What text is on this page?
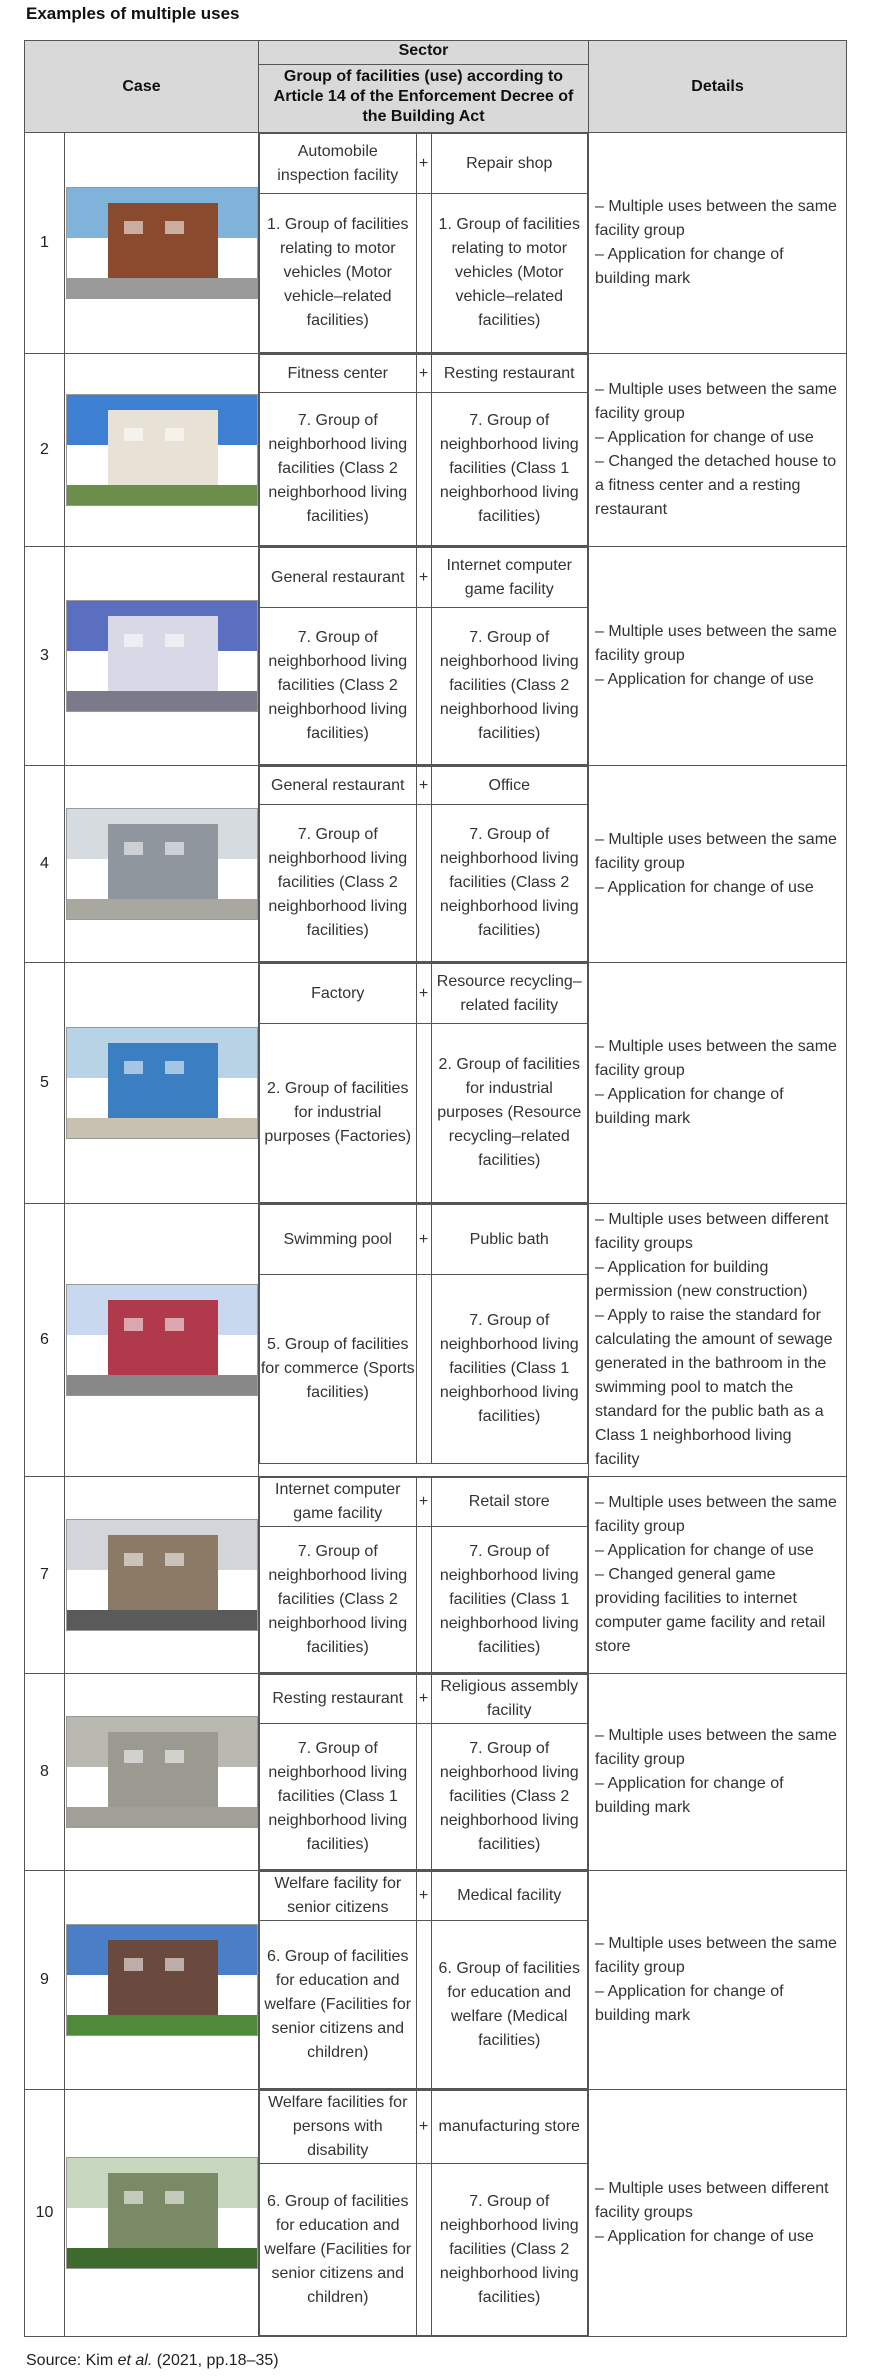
Examples of multiple uses
Case	
Sector
Group of facilities (use) according to Article 14 of the Enforcement Decree of the Building Act
	Details
1	

Automobile inspection facility	+	Repair shop
1. Group of facilities relating to motor vehicles (Motor vehicle–related facilities)		1. Group of facilities relating to motor vehicles (Motor vehicle–related facilities)

– Multiple uses between the same facility group
– Application for change of building mark

2	

Fitness center	+	Resting restaurant
7. Group of neighborhood living facilities (Class 2 neighborhood living facilities)		7. Group of neighborhood living facilities (Class 1 neighborhood living facilities)

– Multiple uses between the same facility group
– Application for change of use
– Changed the detached house to a fitness center and a resting restaurant

3	

General restaurant	+	Internet computer game facility
7. Group of neighborhood living facilities (Class 2 neighborhood living facilities)		7. Group of neighborhood living facilities (Class 2 neighborhood living facilities)

– Multiple uses between the same facility group
– Application for change of use

4	

General restaurant	+	Office
7. Group of neighborhood living facilities (Class 2 neighborhood living facilities)		7. Group of neighborhood living facilities (Class 2 neighborhood living facilities)

– Multiple uses between the same facility group
– Application for change of use

5	

Factory	+	Resource recycling–related facility
2. Group of facilities for industrial purposes (Factories)		2. Group of facilities for industrial purposes (Resource recycling–related facilities)

– Multiple uses between the same facility group
– Application for change of building mark

6	

Swimming pool	+	Public bath
5. Group of facilities for commerce (Sports facilities)		7. Group of neighborhood living facilities (Class 1 neighborhood living facilities)

– Multiple uses between different facility groups
– Application for building permission (new construction)
– Apply to raise the standard for calculating the amount of sewage generated in the bathroom in the swimming pool to match the standard for the public bath as a Class 1 neighborhood living facility

7	

Internet computer game facility	+	Retail store
7. Group of neighborhood living facilities (Class 2 neighborhood living facilities)		7. Group of neighborhood living facilities (Class 1 neighborhood living facilities)

– Multiple uses between the same facility group
– Application for change of use
– Changed general game providing facilities to internet computer game facility and retail store

8	

Resting restaurant	+	Religious assembly facility
7. Group of neighborhood living facilities (Class 1 neighborhood living facilities)		7. Group of neighborhood living facilities (Class 2 neighborhood living facilities)

– Multiple uses between the same facility group
– Application for change of building mark

9	

Welfare facility for senior citizens	+	Medical facility
6. Group of facilities for education and welfare (Facilities for senior citizens and children)		6. Group of facilities for education and welfare (Medical facilities)

– Multiple uses between the same facility group
– Application for change of building mark

10	

Welfare facilities for persons with disability	+	manufacturing store
6. Group of facilities for education and welfare (Facilities for senior citizens and children)		7. Group of neighborhood living facilities (Class 2 neighborhood living facilities)

– Multiple uses between different facility groups
– Application for change of use
Source: Kim et al. (2021, pp.18–35)
